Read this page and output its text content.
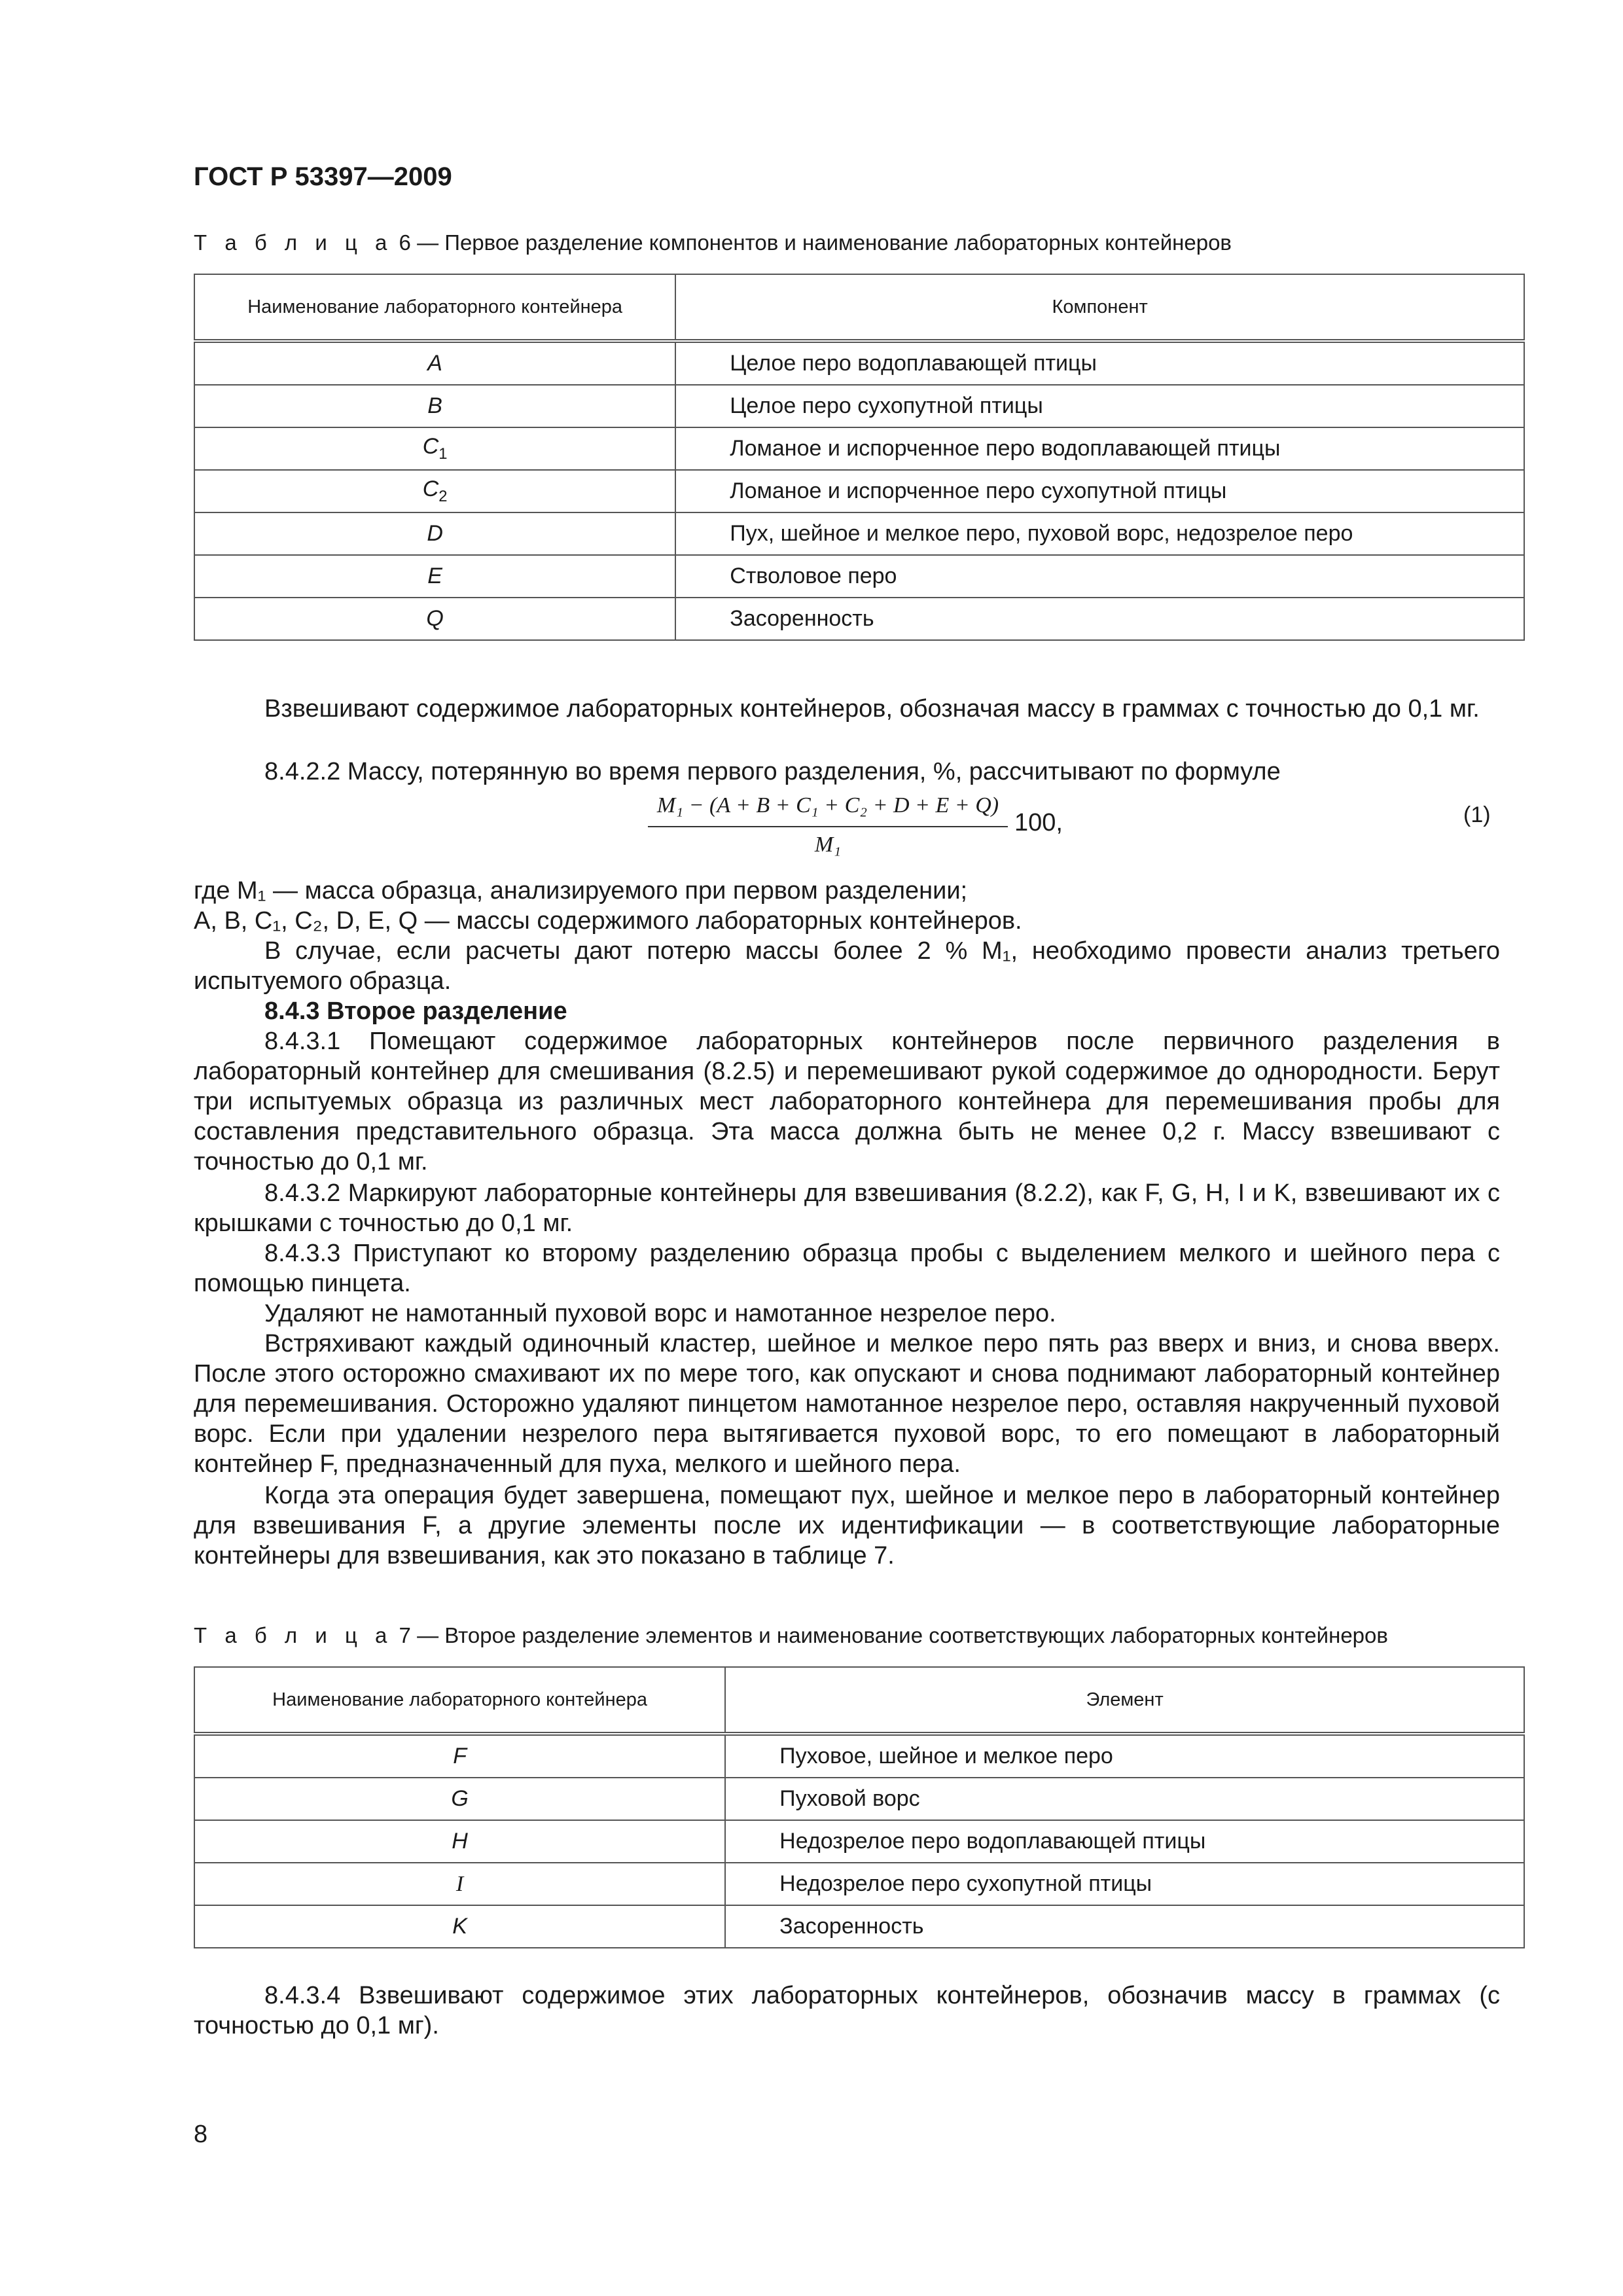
ГОСТ Р 53397—2009
Т а б л и ц а 6 — Первое разделение компонентов и наименование лабораторных контейнеров
Наименование лабораторного контейнера	Компонент
A	Целое перо водоплавающей птицы
B	Целое перо сухопутной птицы
$C_1$	Ломаное и испорченное перо водоплавающей птицы
$C_2$	Ломаное и испорченное перо сухопутной птицы
D	Пух, шейное и мелкое перо, пуховой ворс, недозрелое перо
E	Стволовое перо
Q	Засоренность
Взвешивают содержимое лабораторных контейнеров, обозначая массу в граммах с точностью до 0,1 мг.
8.4.2.2 Массу, потерянную во время первого разделения, %, рассчитывают по формуле
M₁ − (A + B + C₁ + C₂ + D + E + Q)
M₁
100,	(1)
где M₁ — масса образца, анализируемого при первом разделении;
A, B, C₁, C₂, D, E, Q — массы содержимого лабораторных контейнеров.
В случае, если расчеты дают потерю массы более 2 % M₁, необходимо провести анализ третьего испытуемого образца.
8.4.3 Второе разделение
8.4.3.1 Помещают содержимое лабораторных контейнеров после первичного разделения в лабораторный контейнер для смешивания (8.2.5) и перемешивают рукой содержимое до однородности. Берут три испытуемых образца из различных мест лабораторного контейнера для перемешивания пробы для составления представительного образца. Эта масса должна быть не менее 0,2 г. Массу взвешивают с точностью до 0,1 мг.
8.4.3.2 Маркируют лабораторные контейнеры для взвешивания (8.2.2), как F, G, H, I и K, взвешивают их с крышками с точностью до 0,1 мг.
8.4.3.3 Приступают ко второму разделению образца пробы с выделением мелкого и шейного пера с помощью пинцета.
Удаляют не намотанный пуховой ворс и намотанное незрелое перо.
Встряхивают каждый одиночный кластер, шейное и мелкое перо пять раз вверх и вниз, и снова вверх. После этого осторожно смахивают их по мере того, как опускают и снова поднимают лабораторный контейнер для перемешивания. Осторожно удаляют пинцетом намотанное незрелое перо, оставляя накрученный пуховой ворс. Если при удалении незрелого пера вытягивается пуховой ворс, то его помещают в лабораторный контейнер F, предназначенный для пуха, мелкого и шейного пера.
Когда эта операция будет завершена, помещают пух, шейное и мелкое перо в лабораторный контейнер для взвешивания F, а другие элементы после их идентификации — в соответствующие лабораторные контейнеры для взвешивания, как это показано в таблице 7.
Т а б л и ц а 7 — Второе разделение элементов и наименование соответствующих лабораторных контейнеров
Наименование лабораторного контейнера	Элемент
F	Пуховое, шейное и мелкое перо
G	Пуховой ворс
H	Недозрелое перо водоплавающей птицы
I	Недозрелое перо сухопутной птицы
K	Засоренность
8.4.3.4 Взвешивают содержимое этих лабораторных контейнеров, обозначив массу в граммах (с точностью до 0,1 мг).
8
